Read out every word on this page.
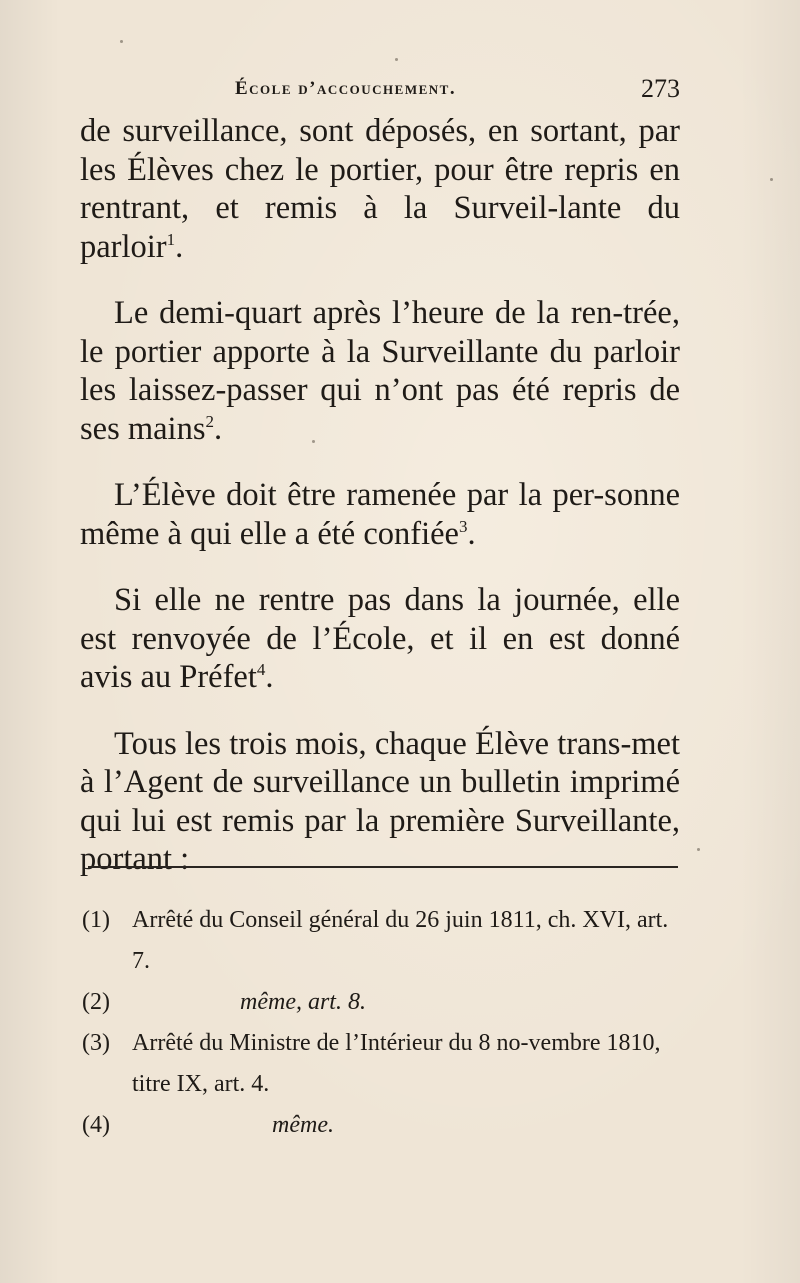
École d’accouchement.	273

de surveillance, sont déposés, en sortant, par les Élèves chez le portier, pour être repris en rentrant, et remis à la Surveil-lante du parloir$^1$.

Le demi-quart après l’heure de la ren-trée, le portier apporte à la Surveillante du parloir les laissez-passer qui n’ont pas été repris de ses mains$^2$.

L’Élève doit être ramenée par la per-sonne même à qui elle a été confiée$^3$.

Si elle ne rentre pas dans la journée, elle est renvoyée de l’École, et il en est donné avis au Préfet$^4$.

Tous les trois mois, chaque Élève trans-met à l’Agent de surveillance un bulletin imprimé qui lui est remis par la première Surveillante, portant :

(1) Arrêté du Conseil général du 26 juin 1811, ch. XVI, art. 7.
(2)	même, art. 8.
(3) Arrêté du Ministre de l’Intérieur du 8 no-vembre 1810, titre IX, art. 4.
(4)	même.
